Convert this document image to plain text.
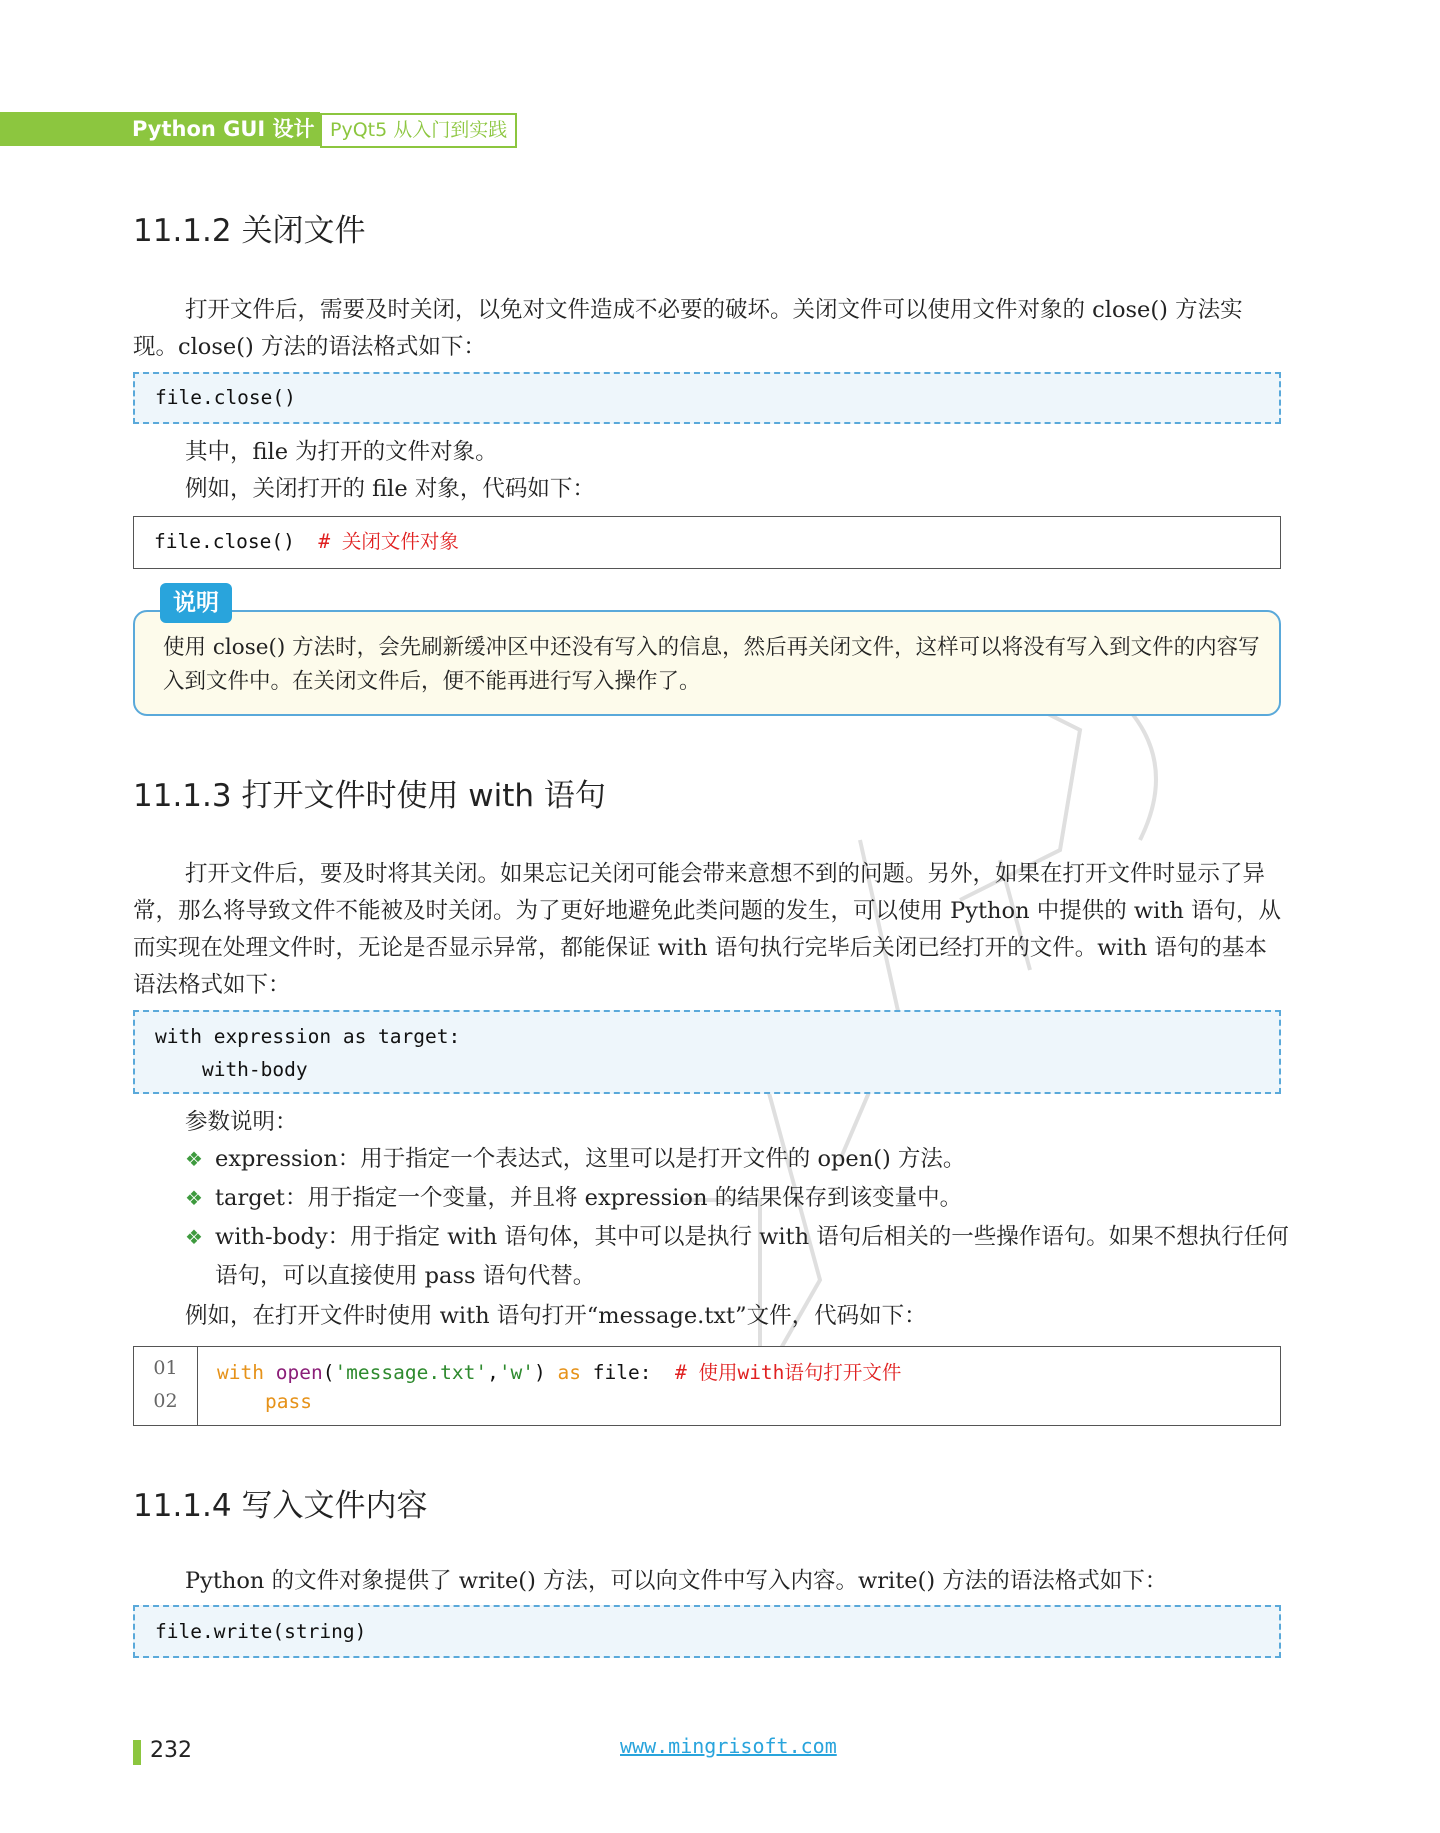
Python GUI 设计 PyQt5 从入门到实践
11.1.2 关闭文件
打开文件后，需要及时关闭，以免对文件造成不必要的破坏。关闭文件可以使用文件对象的 close() 方法实现。close() 方法的语法格式如下：
file.close()
其中，file 为打开的文件对象。
例如，关闭打开的 file 对象，代码如下：
file.close() # 关闭文件对象
说明
使用 close() 方法时，会先刷新缓冲区中还没有写入的信息，然后再关闭文件，这样可以将没有写入到文件的内容写入到文件中。在关闭文件后，便不能再进行写入操作了。
11.1.3 打开文件时使用 with 语句
打开文件后，要及时将其关闭。如果忘记关闭可能会带来意想不到的问题。另外，如果在打开文件时显示了异常，那么将导致文件不能被及时关闭。为了更好地避免此类问题的发生，可以使用 Python 中提供的 with 语句，从而实现在处理文件时，无论是否显示异常，都能保证 with 语句执行完毕后关闭已经打开的文件。with 语句的基本语法格式如下：
with expression as target:
with-body
参数说明：
❖ expression：用于指定一个表达式，这里可以是打开文件的 open() 方法。
❖ target：用于指定一个变量，并且将 expression 的结果保存到该变量中。
❖ with-body：用于指定 with 语句体，其中可以是执行 with 语句后相关的一些操作语句。如果不想执行任何语句，可以直接使用 pass 语句代替。
例如，在打开文件时使用 with 语句打开“message.txt”文件，代码如下：
01
02
with open('message.txt','w') as file: # 使用with语句打开文件
pass
11.1.4 写入文件内容
Python 的文件对象提供了 write() 方法，可以向文件中写入内容。write() 方法的语法格式如下：
file.write(string)
232	www.mingrisoft.com
